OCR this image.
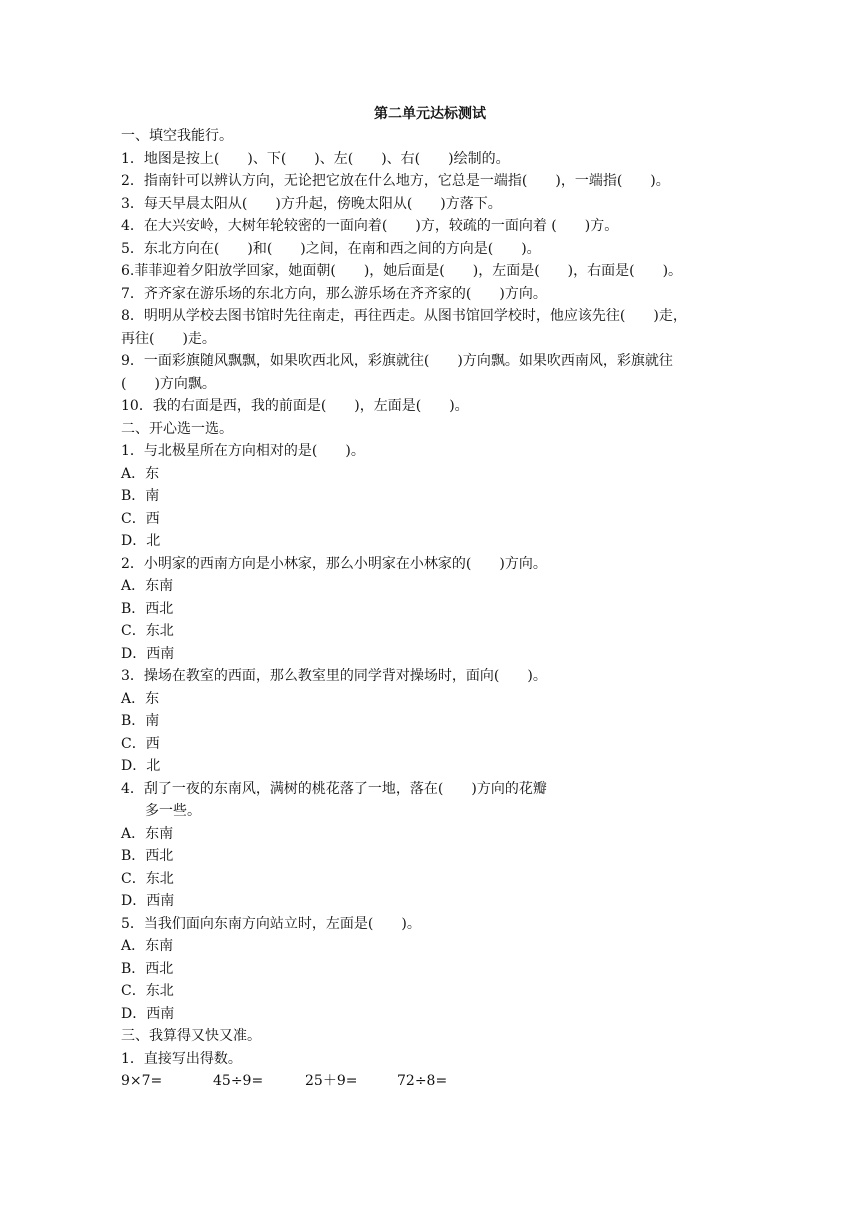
第二单元达标测试
一、填空我能行。
1．地图是按上(　　)、下(　　)、左(　　)、右(　　)绘制的。
2．指南针可以辨认方向，无论把它放在什么地方，它总是一端指(　　)，一端指(　　)。
3．每天早晨太阳从(　　)方升起，傍晚太阳从(　　)方落下。
4．在大兴安岭，大树年轮较密的一面向着(　　)方，较疏的一面向着 (　　)方。
5．东北方向在(　　)和(　　)之间，在南和西之间的方向是(　　)。
6.菲菲迎着夕阳放学回家，她面朝(　　)，她后面是(　　)，左面是(　　)，右面是(　　)。
7．齐齐家在游乐场的东北方向，那么游乐场在齐齐家的(　　)方向。
8．明明从学校去图书馆时先往南走，再往西走。从图书馆回学校时，他应该先往(　　)走，
再往(　　)走。
9．一面彩旗随风飘飘，如果吹西北风，彩旗就往(　　)方向飘。如果吹西南风，彩旗就往
(　　)方向飘。
10．我的右面是西，我的前面是(　　)，左面是(　　)。
二、开心选一选。
1．与北极星所在方向相对的是(　　)。
A．东
B．南
C．西
D．北
2．小明家的西南方向是小林家，那么小明家在小林家的(　　)方向。
A．东南
B．西北
C．东北
D．西南
3．操场在教室的西面，那么教室里的同学背对操场时，面向(　　)。
A．东
B．南
C．西
D．北
4．刮了一夜的东南风，满树的桃花落了一地，落在(　　)方向的花瓣
多一些。
A．东南
B．西北
C．东北
D．西南
5．当我们面向东南方向站立时，左面是(　　)。
A．东南
B．西北
C．东北
D．西南
三、我算得又快又准。
1．直接写出得数。
9×7=	45÷9=	25＋9=	72÷8=
